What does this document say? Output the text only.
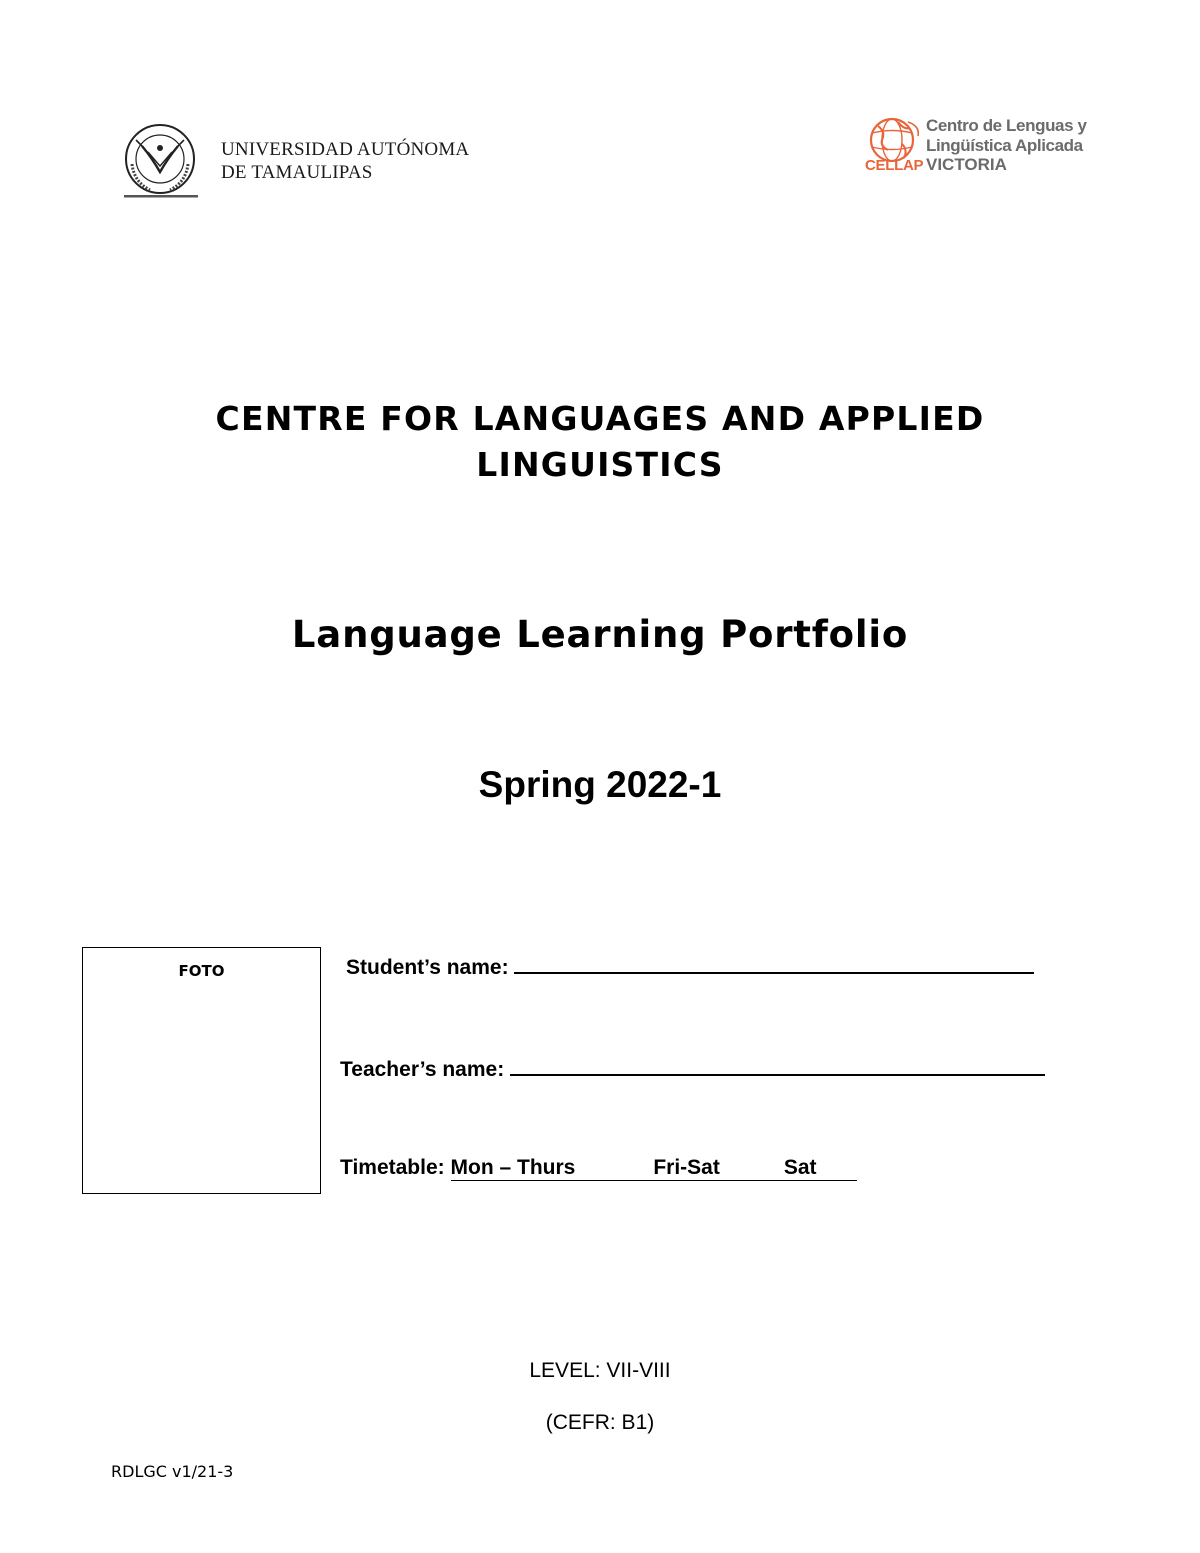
UNIVERSIDAD AUTÓNOMA
DE TAMAULIPAS
Centro de Lenguas y
Lingüística Aplicada
CELLAP VICTORIA
CENTRE FOR LANGUAGES AND APPLIED
LINGUISTICS
Language Learning Portfolio
Spring 2022-1
FOTO	Student’s name:
Teacher’s name:
Timetable: Mon – Thurs	Fri-Sat	Sat
LEVEL: VII-VIII
(CEFR: B1)
RDLGC v1/21-3
